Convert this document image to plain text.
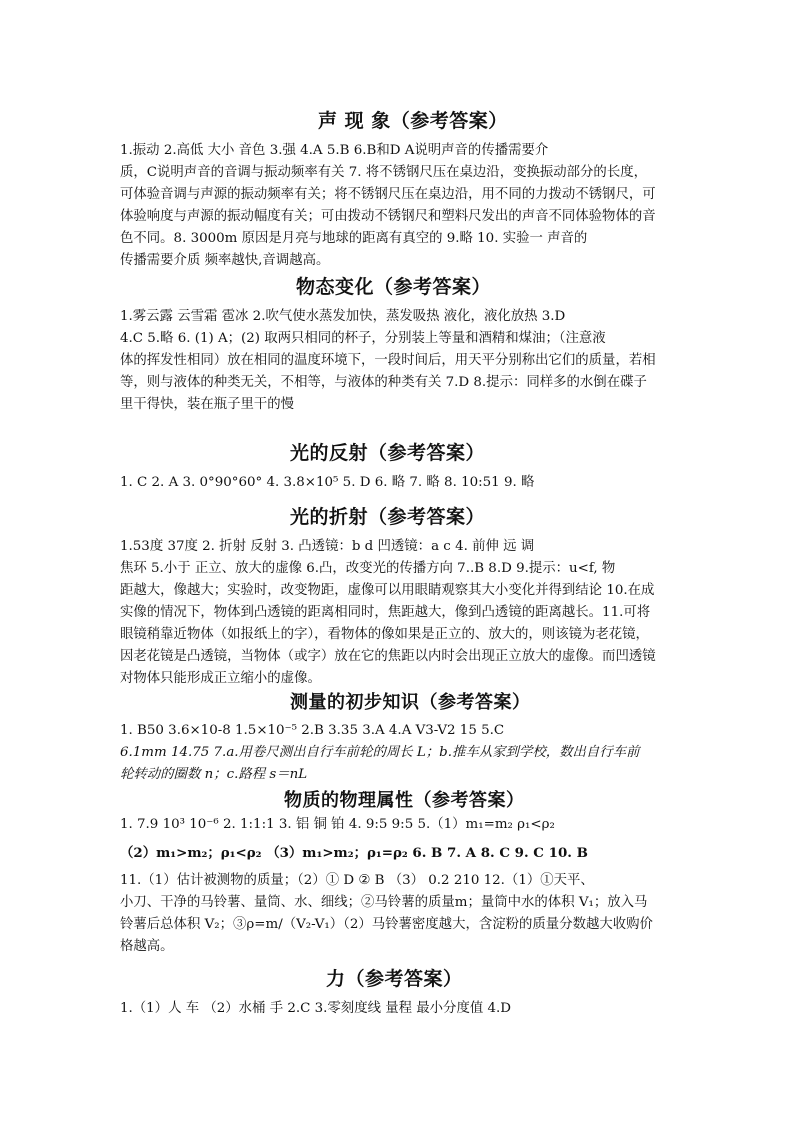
声 现 象（参考答案）
1.振动 2.高低 大小 音色 3.强 4.A 5.B 6.B和D A说明声音的传播需要介
质，C说明声音的音调与振动频率有关 7. 将不锈钢尺压在桌边沿，变换振动部分的长度，
可体验音调与声源的振动频率有关；将不锈钢尺压在桌边沿，用不同的力拨动不锈钢尺，可
体验响度与声源的振动幅度有关；可由拨动不锈钢尺和塑料尺发出的声音不同体验物体的音
色不同。8. 3000m 原因是月亮与地球的距离有真空的 9.略 10. 实验一 声音的
传播需要介质 频率越快,音调越高。
物态变化（参考答案）
1.雾云露 云雪霜 雹冰 2.吹气使水蒸发加快，蒸发吸热 液化，液化放热 3.D
4.C 5.略 6. (1) A；(2) 取两只相同的杯子，分别装上等量和酒精和煤油；（注意液
体的挥发性相同）放在相同的温度环境下，一段时间后，用天平分别称出它们的质量，若相
等，则与液体的种类无关，不相等，与液体的种类有关 7.D 8.提示：同样多的水倒在碟子
里干得快，装在瓶子里干的慢
光的反射（参考答案）
1. C 2. A 3. 0°90°60° 4. 3.8×10⁵ 5. D 6. 略 7. 略 8. 10:51 9. 略
光的折射（参考答案）
1.53度 37度 2. 折射 反射 3. 凸透镜：b d 凹透镜：a c 4. 前伸 远 调
焦环 5.小于 正立、放大的虚像 6.凸，改变光的传播方向 7..B 8.D 9.提示：u<f, 物
距越大，像越大；实验时，改变物距，虚像可以用眼睛观察其大小变化并得到结论 10.在成
实像的情况下，物体到凸透镜的距离相同时，焦距越大，像到凸透镜的距离越长。11.可将
眼镜稍靠近物体（如报纸上的字），看物体的像如果是正立的、放大的，则该镜为老花镜，
因老花镜是凸透镜，当物体（或字）放在它的焦距以内时会出现正立放大的虚像。而凹透镜
对物体只能形成正立缩小的虚像。
测量的初步知识（参考答案）
1. B50 3.6×10-8 1.5×10⁻⁵ 2.B 3.35 3.A 4.A V3-V2 15 5.C
6.1mm 14.75 7.a.用卷尺测出自行车前轮的周长 L；b.推车从家到学校，数出自行车前
轮转动的圈数 n；c.路程 s＝nL
物质的物理属性（参考答案）
1. 7.9 10³ 10⁻⁶ 2. 1:1:1 3. 铝 铜 铂 4. 9:5 9:5 5.（1）m₁=m₂ ρ₁<ρ₂
（2）m₁>m₂；ρ₁<ρ₂ （3）m₁>m₂；ρ₁=ρ₂ 6. B 7. A 8. C 9. C 10. B
11.（1）估计被测物的质量；（2）① D ② B （3） 0.2 210 12.（1）①天平、
小刀、干净的马铃薯、量筒、水、细线；②马铃薯的质量m；量筒中水的体积 V₁；放入马
铃薯后总体积 V₂；③ρ=m/（V₂-V₁）（2）马铃薯密度越大，含淀粉的质量分数越大收购价
格越高。
力（参考答案）
1.（1）人 车 （2）水桶 手 2.C 3.零刻度线 量程 最小分度值 4.D
